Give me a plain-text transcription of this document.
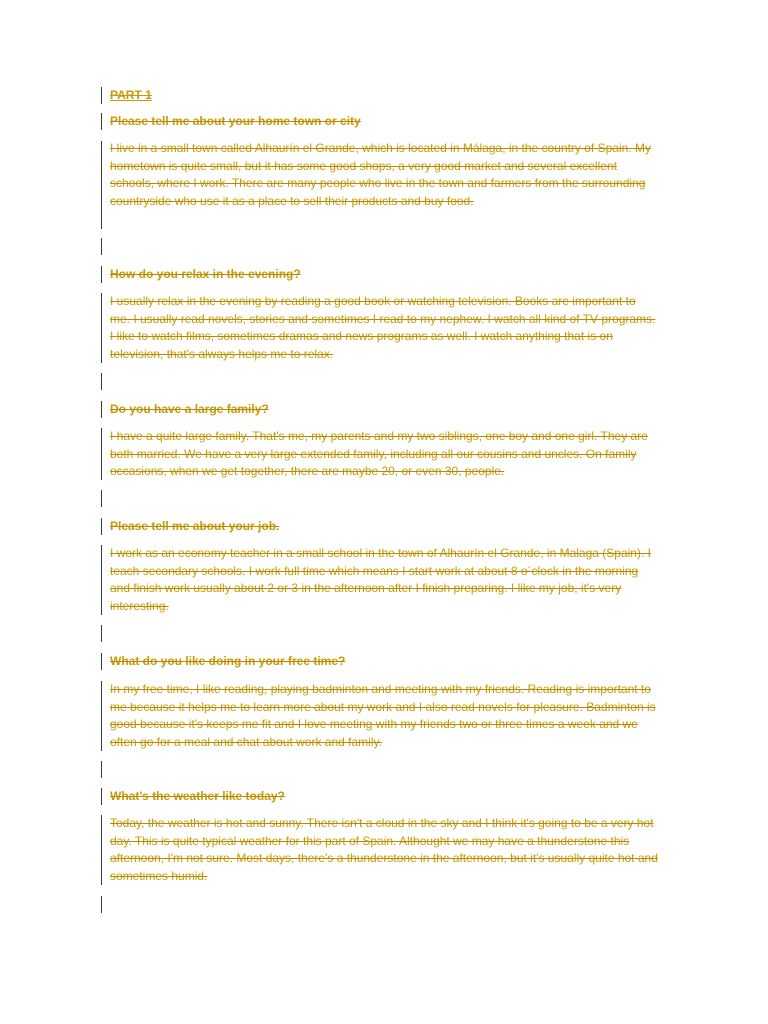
PART 1
Please tell me about your home town or city
I live in a small town called Alhaurín el Grande, which is located in Málaga, in the country of Spain. My hometown is quite small, but it has some good shops, a very good market and several excellent schools, where I work. There are many people who live in the town and farmers from the surrounding countryside who use it as a place to sell their products and buy food.
How do you relax in the evening?
I usually relax in the evening by reading a good book or watching television. Books are important to me. I usually read novels, stories and sometimes I read to my nephew. I watch all kind of TV programs. I like to watch films, sometimes dramas and news programs as well. I watch anything that is on television, that's always helps me to relax.
Do you have a large family?
I have a quite large family. That's me, my parents and my two siblings, one boy and one girl. They are both married. We have a very large extended family, including all our cousins and uncles. On family occasions, when we get together, there are maybe 20, or even 30, people.
Please tell me about your job.
I work as an economy teacher in a small school in the town of Alhaurín el Grande, in Malaga (Spain). I teach secondary schools. I work full time which means I start work at about 8 o´clock in the morning and finish work usually about 2 or 3 in the afternoon after I finish preparing. I like my job, it's very interesting.
What do you like doing in your free time?
In my free time, I like reading, playing badminton and meeting with my friends. Reading is important to me because it helps me to learn more about my work and I also read novels for pleasure. Badminton is good because it's keeps me fit and I love meeting with my friends two or three times a week and we often go for a meal and chat about work and family.
What's the weather like today?
Today, the weather is hot and sunny. There isn't a cloud in the sky and I think it's going to be a very hot day. This is quite typical weather for this part of Spain. Althought we may have a thunderstone this afternoon, I'm not sure. Most days, there's a thunderstone in the afternoon, but it's usually quite hot and sometimes humid.
